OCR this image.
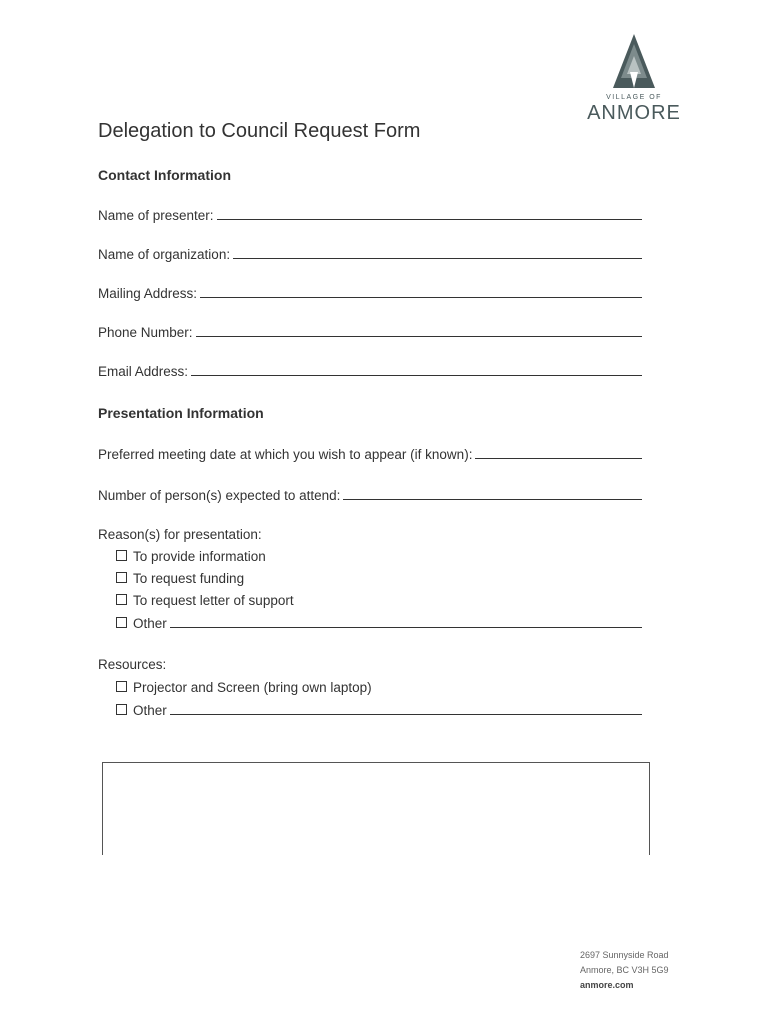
VILLAGE OF
ANMORE
Delegation to Council Request Form
Contact Information
Name of presenter:
Name of organization:
Mailing Address:
Phone Number:
Email Address:
Presentation Information
Preferred meeting date at which you wish to appear (if known):
Number of person(s) expected to attend:
Reason(s) for presentation:
To provide information
To request funding
To request letter of support
Other
Resources:
Projector and Screen (bring own laptop)
Other
2697 Sunnyside Road
Anmore, BC V3H 5G9
anmore.com
